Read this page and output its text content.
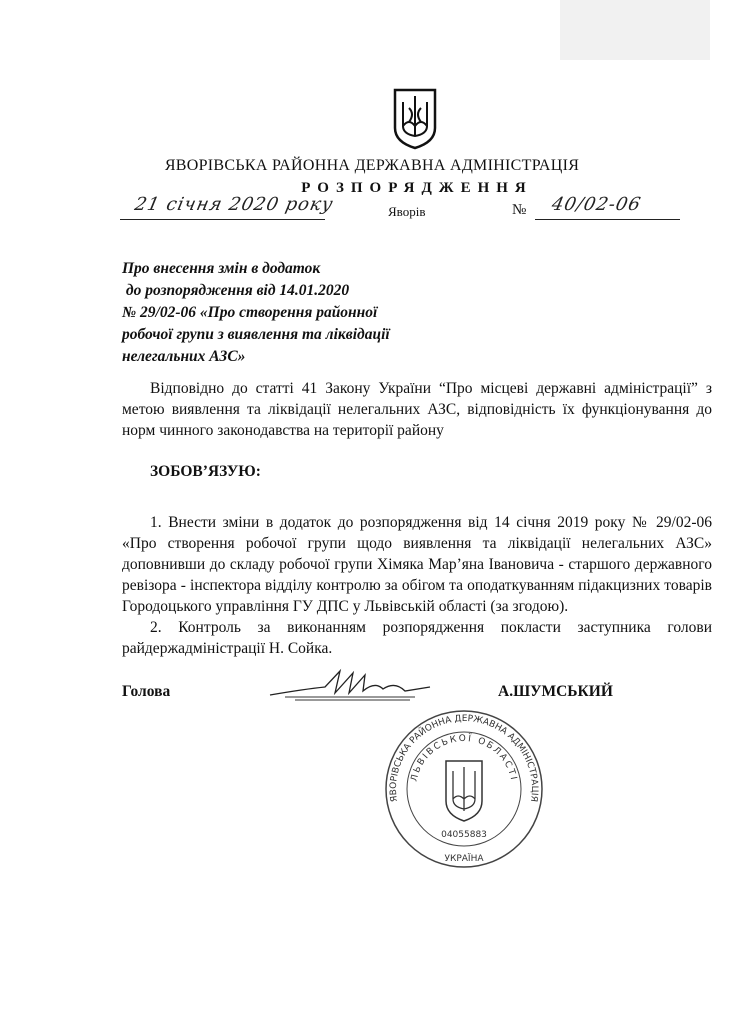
ЯВОРІВСЬКА РАЙОННА ДЕРЖАВНА АДМІНІСТРАЦІЯ
РОЗПОРЯДЖЕННЯ
21 січня 2020 року	Яворів	№ 40/02-06
Про внесення змін в додаток
до розпорядження від 14.01.2020
№ 29/02-06 «Про створення районної
робочої групи з виявлення та ліквідації
нелегальних АЗС»
Відповідно до статті 41 Закону України “Про місцеві державні адміністрації” з метою виявлення та ліквідації нелегальних АЗС, відповідність їх функціонування до норм чинного законодавства на території району
ЗОБОВ’ЯЗУЮ:
1. Внести зміни в додаток до розпорядження від 14 січня 2019 року № 29/02-06 «Про створення робочої групи щодо виявлення та ліквідації нелегальних АЗС» доповнивши до складу робочої групи Хімяка Мар’яна Івановича - старшого державного ревізора - інспектора відділу контролю за обігом та оподаткуванням підакцизних товарів Городоцького управління ГУ ДПС у Львівській області (за згодою).
2. Контроль за виконанням розпорядження покласти заступника голови райдержадміністрації Н. Сойка.
Голова	А.ШУМСЬКИЙ
ЯВОРІВСЬКА РАЙОННА ДЕРЖАВНА АДМІНІСТРАЦІЯ
ЛЬВІВСЬКОЇ ОБЛАСТІ
04055883
УКРАЇНА
